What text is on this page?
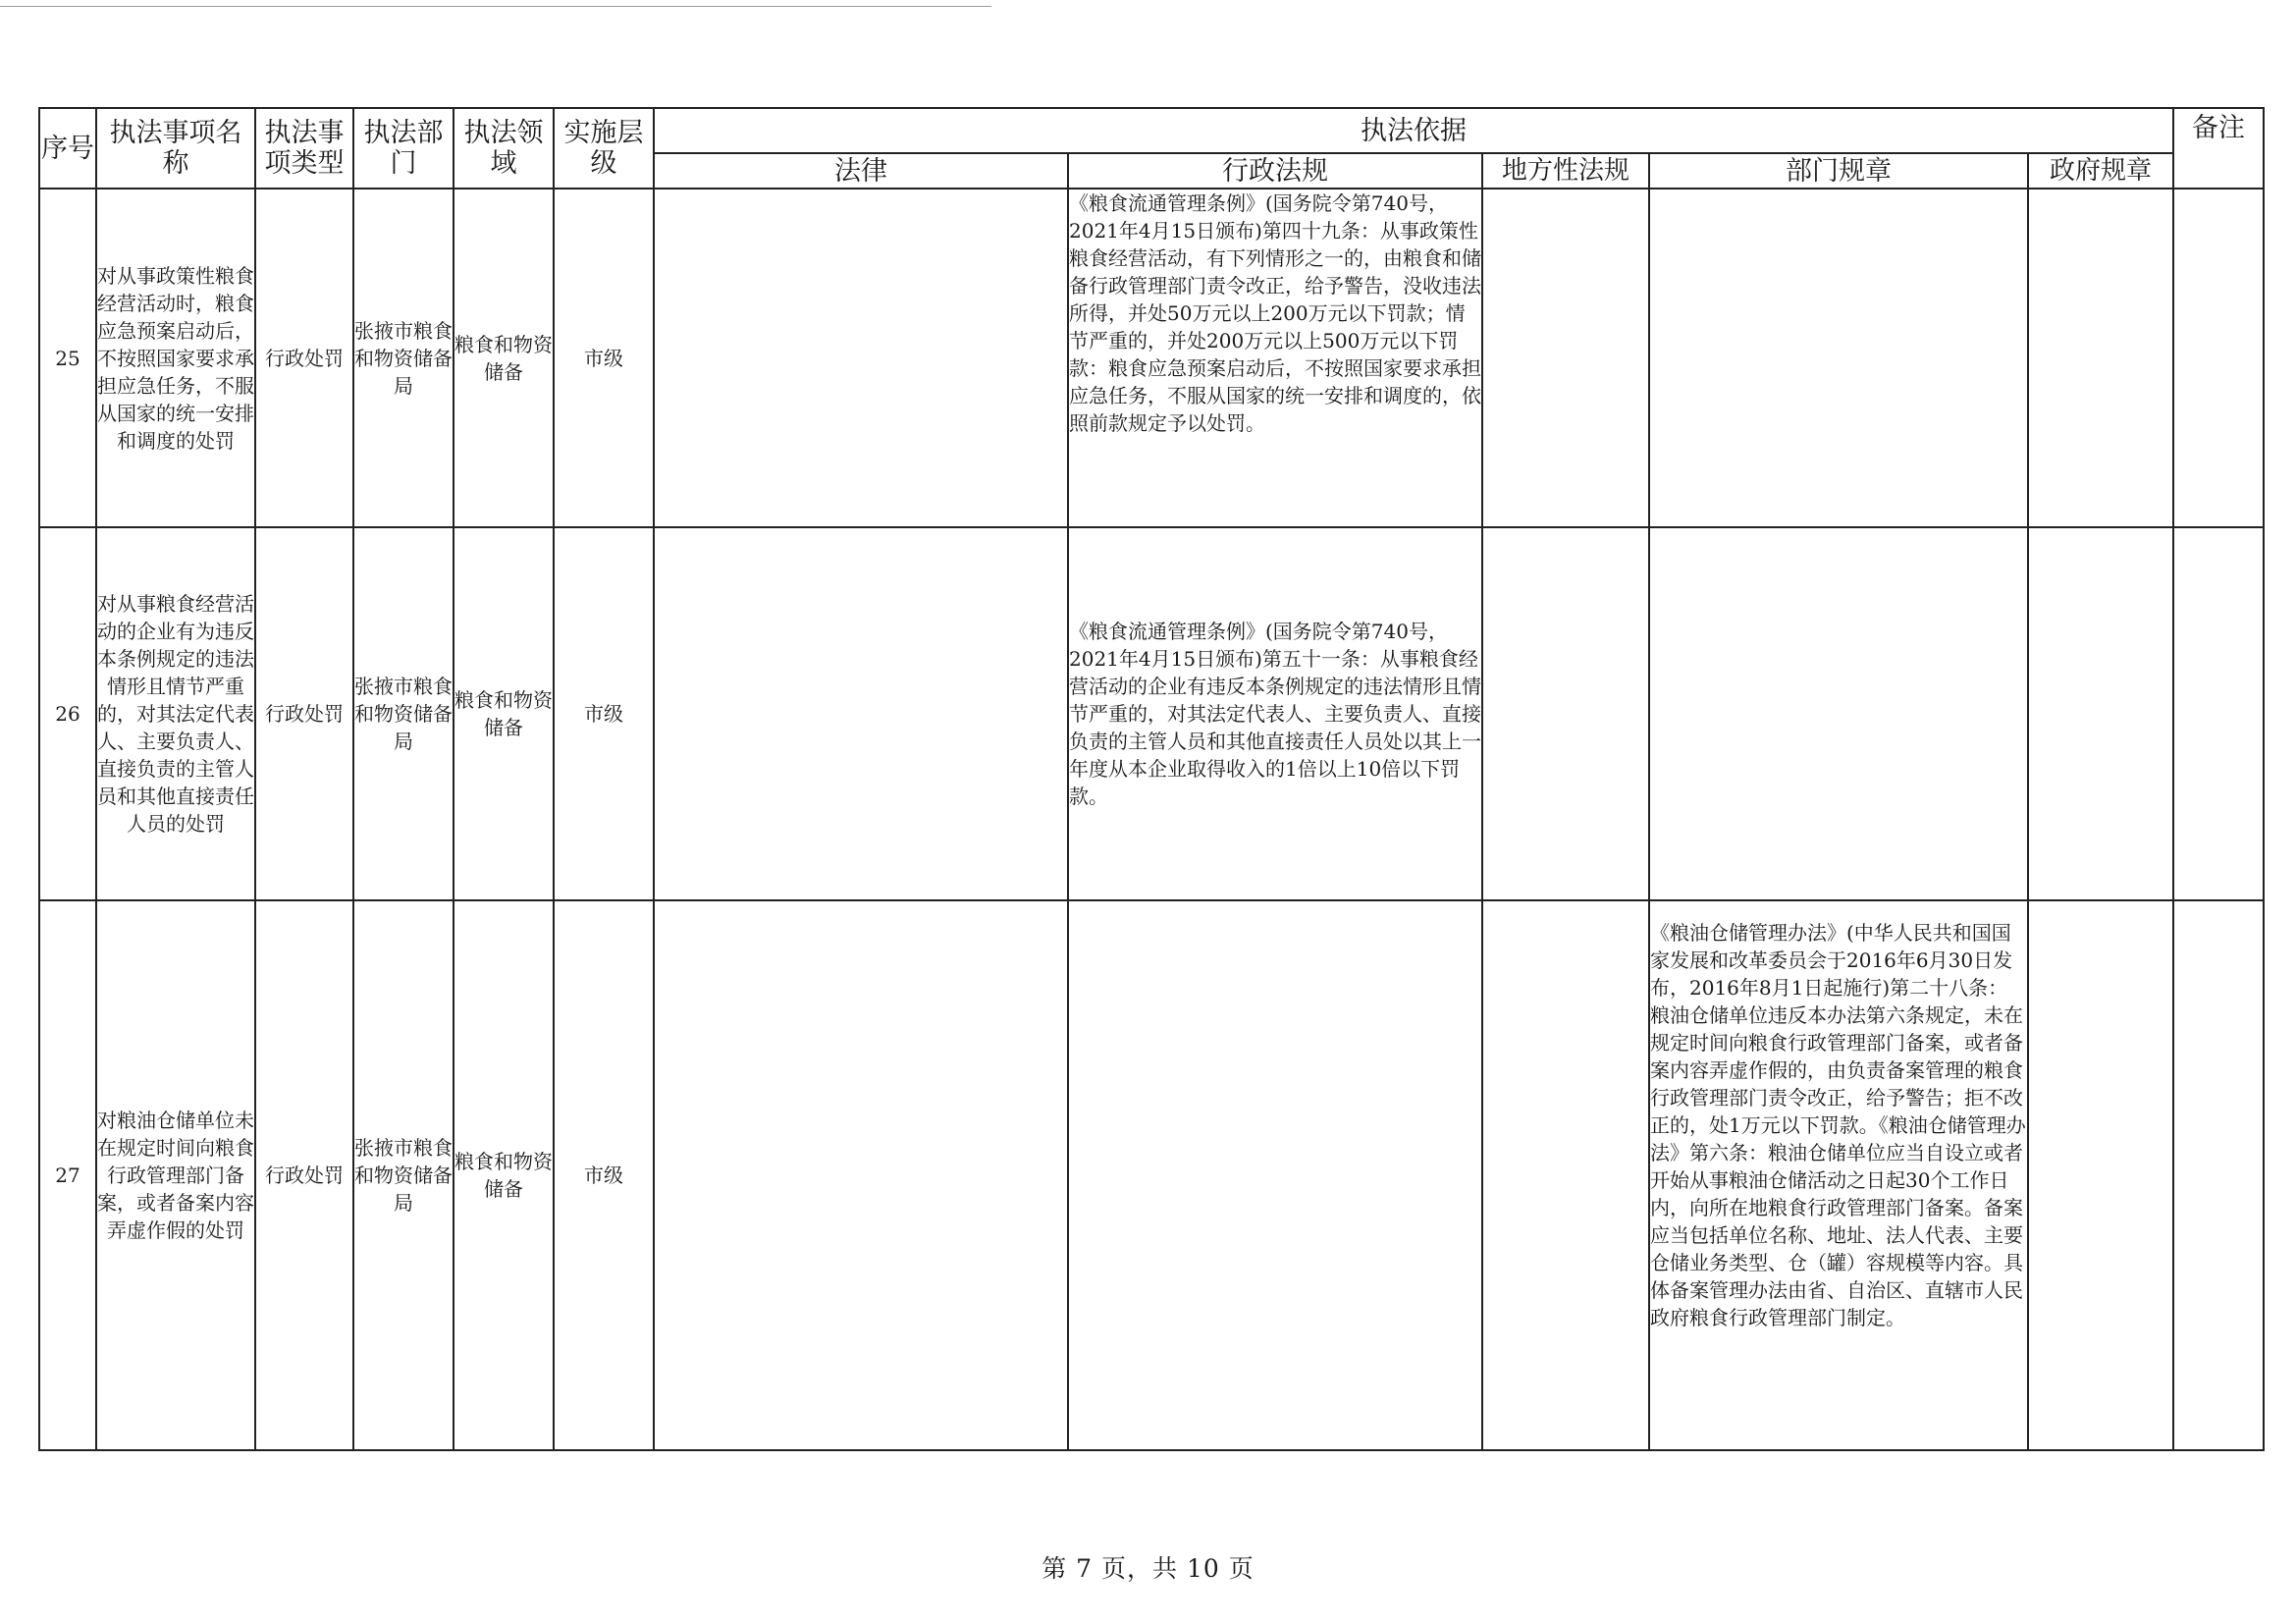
序号	执法事项名称	执法事项类型	执法部门	执法领域	实施层级	执法依据					备注
						法律	行政法规	地方性法规	部门规章	政府规章	
25	对从事政策性粮食经营活动时，粮食应急预案启动后，不按照国家要求承担应急任务，不服从国家的统一安排和调度的处罚	行政处罚	张掖市粮食和物资储备局	粮食和物资储备	市级		《粮食流通管理条例》(国务院令第740号，2021年4月15日颁布)第四十九条：从事政策性粮食经营活动，有下列情形之一的，由粮食和储备行政管理部门责令改正，给予警告，没收违法所得，并处50万元以上200万元以下罚款；情节严重的，并处200万元以上500万元以下罚款：粮食应急预案启动后，不按照国家要求承担应急任务，不服从国家的统一安排和调度的，依照前款规定予以处罚。				
26	对从事粮食经营活动的企业有为违反本条例规定的违法情形且情节严重的，对其法定代表人、主要负责人、直接负责的主管人员和其他直接责任人员的处罚	行政处罚	张掖市粮食和物资储备局	粮食和物资储备	市级		《粮食流通管理条例》(国务院令第740号，2021年4月15日颁布)第五十一条：从事粮食经营活动的企业有违反本条例规定的违法情形且情节严重的，对其法定代表人、主要负责人、直接负责的主管人员和其他直接责任人员处以其上一年度从本企业取得收入的1倍以上10倍以下罚款。				
27	对粮油仓储单位未在规定时间向粮食行政管理部门备案，或者备案内容弄虚作假的处罚	行政处罚	张掖市粮食和物资储备局	粮食和物资储备	市级				《粮油仓储管理办法》(中华人民共和国国家发展和改革委员会于2016年6月30日发布，2016年8月1日起施行)第二十八条：粮油仓储单位违反本办法第六条规定，未在规定时间向粮食行政管理部门备案，或者备案内容弄虚作假的，由负责备案管理的粮食行政管理部门责令改正，给予警告；拒不改正的，处1万元以下罚款。《粮油仓储管理办法》第六条：粮油仓储单位应当自设立或者开始从事粮油仓储活动之日起30个工作日内，向所在地粮食行政管理部门备案。备案应当包括单位名称、地址、法人代表、主要仓储业务类型、仓（罐）容规模等内容。具体备案管理办法由省、自治区、直辖市人民政府粮食行政管理部门制定。		
第 7 页，共 10 页
